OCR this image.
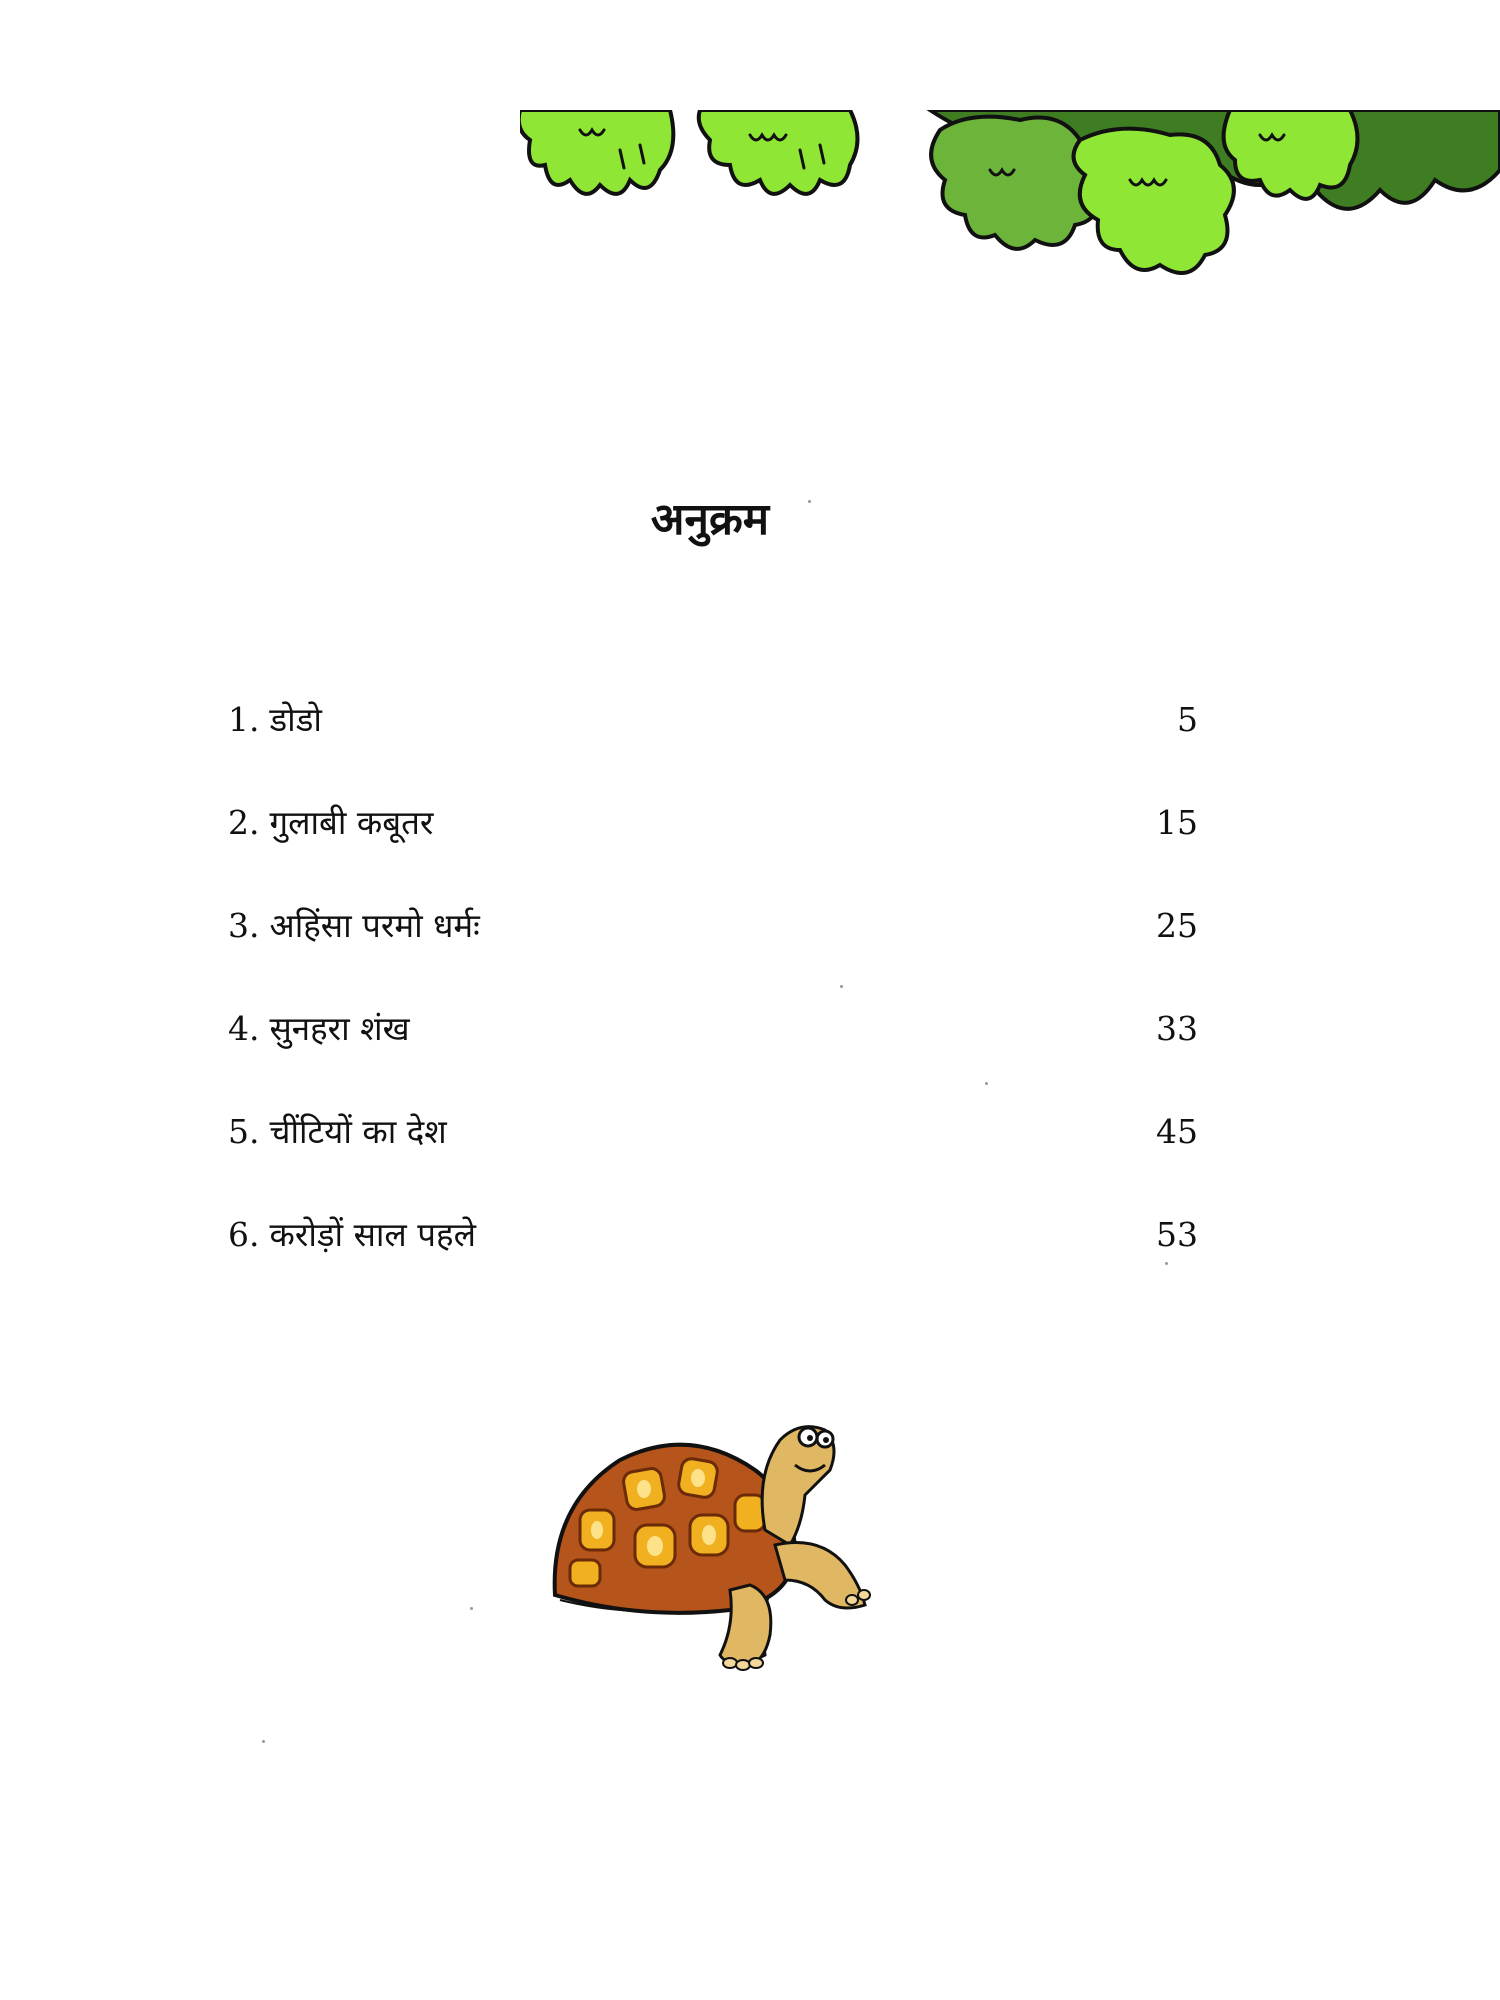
अनुक्रम
1. डोडो	5
2. गुलाबी कबूतर	15
3. अहिंसा परमो धर्मः	25
4. सुनहरा शंख	33
5. चींटियों का देश	45
6. करोड़ों साल पहले	53
